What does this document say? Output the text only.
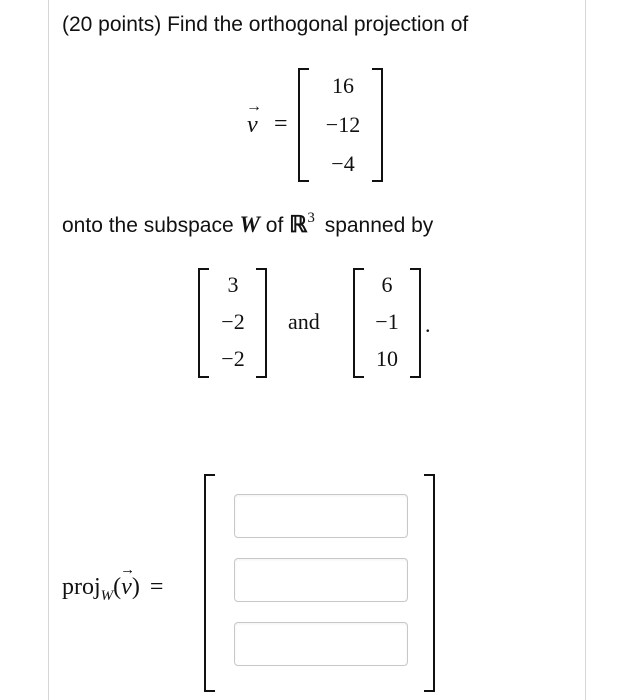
(20 points) Find the orthogonal projection of
→
v =
16
−12
−4
onto the subspace W of ℝ$^3$ spanned by
3
−2
−2
and
6
−1
10
.
proj$_W$(
→
v) =
